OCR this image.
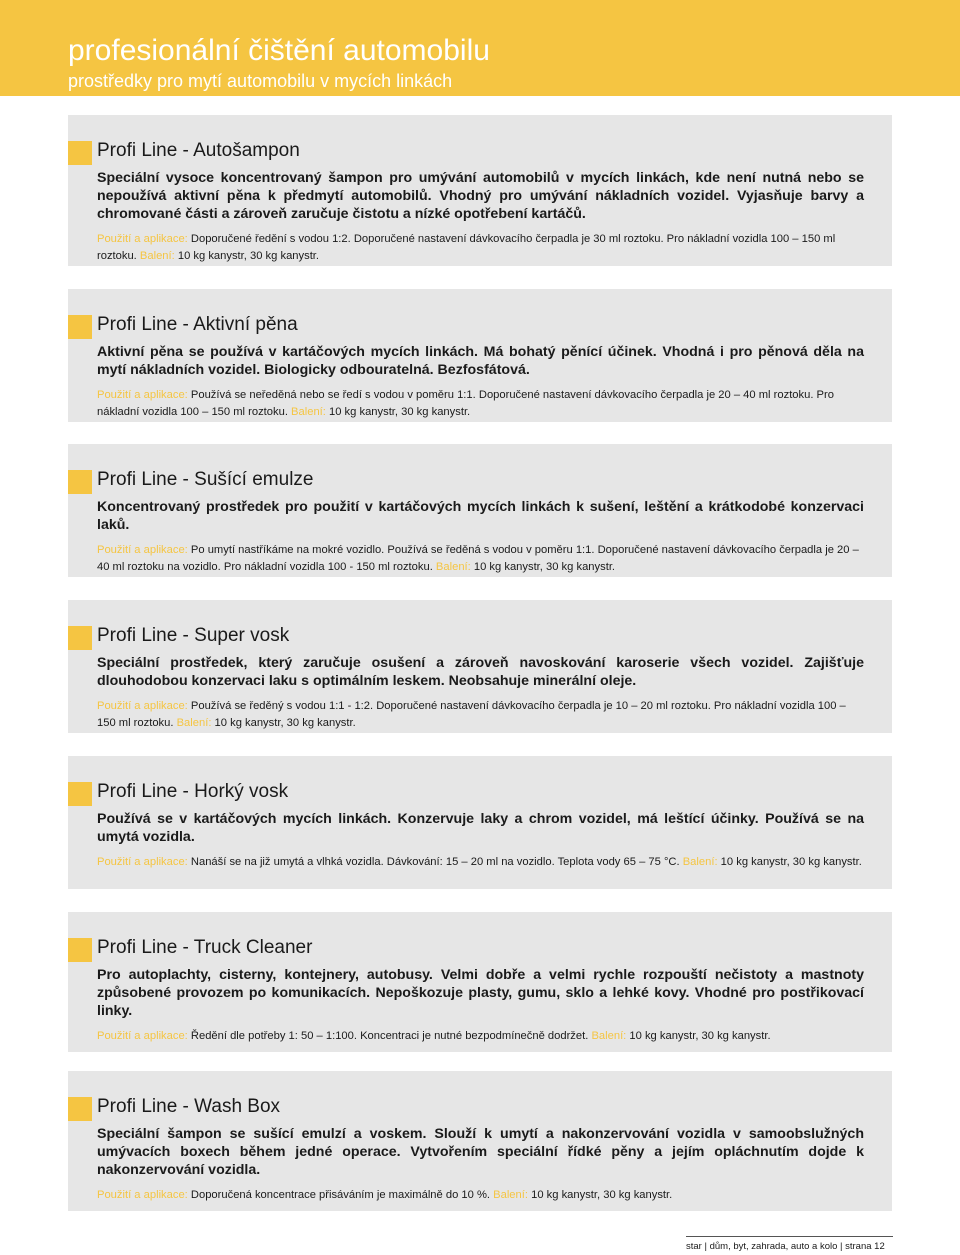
profesionální čištění automobilu
prostředky pro mytí automobilu v mycích linkách
Profi Line - Autošampon

Speciální vysoce koncentrovaný šampon pro umývání automobilů v mycích linkách, kde není nutná nebo se nepoužívá aktivní pěna k předmytí automobilů. Vhodný pro umývání nákladních vozidel. Vyjasňuje barvy a chromované části a zároveň zaručuje čistotu a nízké opotřebení kartáčů.

Použití a aplikace: Doporučené ředění s vodou 1:2. Doporučené nastavení dávkovacího čerpadla je 30 ml roztoku. Pro nákladní vozidla 100 – 150 ml roztoku. Balení: 10 kg kanystr, 30 kg kanystr.

Profi Line - Aktivní pěna

Aktivní pěna se používá v kartáčových mycích linkách. Má bohatý pěnící účinek. Vhodná i pro pěnová děla na mytí nákladních vozidel. Biologicky odbouratelná. Bezfosfátová.

Použití a aplikace: Používá se neředěná nebo se ředí s vodou v poměru 1:1. Doporučené nastavení dávkovacího čerpadla je 20 – 40 ml roztoku. Pro nákladní vozidla 100 – 150 ml roztoku. Balení: 10 kg kanystr, 30 kg kanystr.

Profi Line - Sušící emulze

Koncentrovaný prostředek pro použití v kartáčových mycích linkách k sušení, leštění a krátkodobé konzervaci laků.

Použití a aplikace: Po umytí nastříkáme na mokré vozidlo. Používá se ředěná s vodou v poměru 1:1. Doporučené nastavení dávkovacího čerpadla je 20 – 40 ml roztoku na vozidlo. Pro nákladní vozidla 100 - 150 ml roztoku. Balení: 10 kg kanystr, 30 kg kanystr.

Profi Line - Super vosk

Speciální prostředek, který zaručuje osušení a zároveň navoskování karoserie všech vozidel. Zajišťuje dlouhodobou konzervaci laku s optimálním leskem. Neobsahuje minerální oleje.

Použití a aplikace: Používá se ředěný s vodou 1:1 - 1:2. Doporučené nastavení dávkovacího čerpadla je 10 – 20 ml roztoku. Pro nákladní vozidla 100 – 150 ml roztoku. Balení: 10 kg kanystr, 30 kg kanystr.

Profi Line - Horký vosk

Používá se v kartáčových mycích linkách. Konzervuje laky a chrom vozidel, má leštící účinky. Používá se na umytá vozidla.

Použití a aplikace: Nanáší se na již umytá a vlhká vozidla. Dávkování: 15 – 20 ml na vozidlo. Teplota vody 65 – 75 °C. Balení: 10 kg kanystr, 30 kg kanystr.

Profi Line - Truck Cleaner

Pro autoplachty, cisterny, kontejnery, autobusy. Velmi dobře a velmi rychle rozpouští nečistoty a mastnoty způsobené provozem po komunikacích. Nepoškozuje plasty, gumu, sklo a lehké kovy. Vhodné pro postřikovací linky.

Použití a aplikace: Ředění dle potřeby 1: 50 – 1:100. Koncentraci je nutné bezpodmínečně dodržet. Balení: 10 kg kanystr, 30 kg kanystr.

Profi Line - Wash Box

Speciální šampon se sušící emulzí a voskem. Slouží k umytí a nakonzervování vozidla v samoobslužných umývacích boxech během jedné operace. Vytvořením speciální řídké pěny a jejím opláchnutím dojde k nakonzervování vozidla.

Použití a aplikace: Doporučená koncentrace přisáváním je maximálně do 10 %. Balení: 10 kg kanystr, 30 kg kanystr.

star | dům, byt, zahrada, auto a kolo | strana 12
